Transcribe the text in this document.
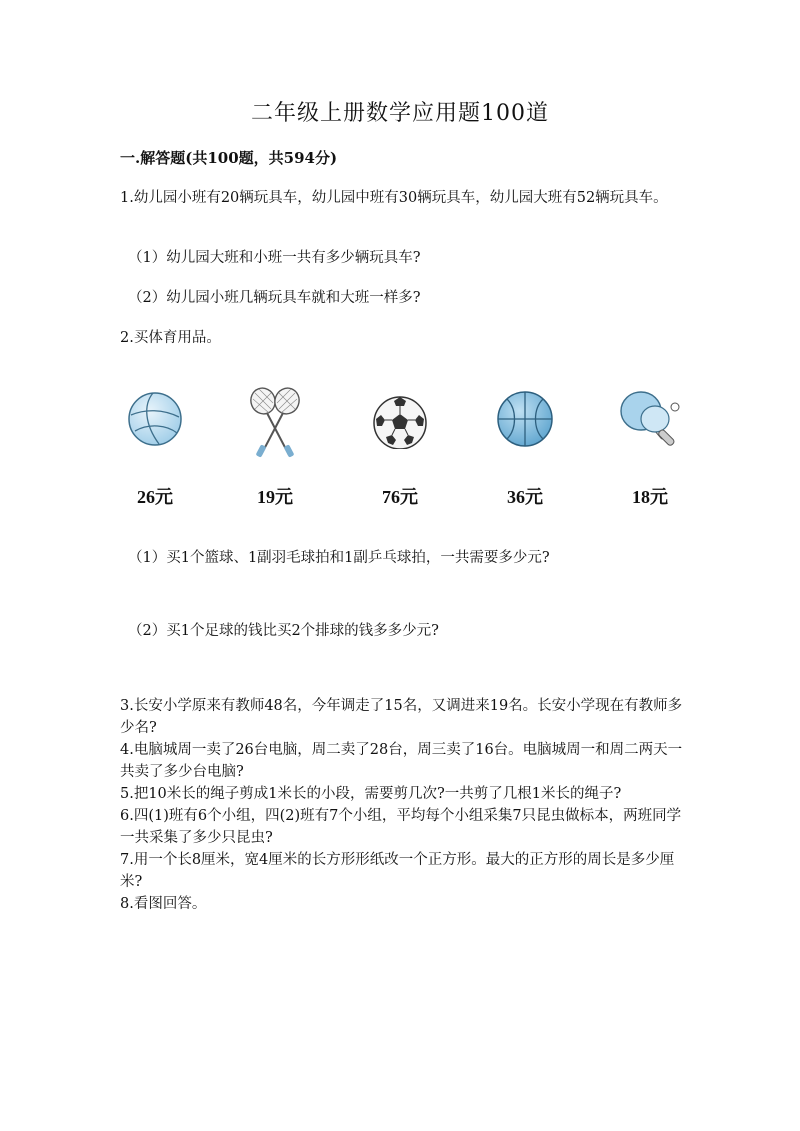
二年级上册数学应用题100道
一.解答题(共100题，共594分)
1.幼儿园小班有20辆玩具车，幼儿园中班有30辆玩具车，幼儿园大班有52辆玩具车。
（1）幼儿园大班和小班一共有多少辆玩具车?
（2）幼儿园小班几辆玩具车就和大班一样多?
2.买体育用品。
26元	19元	76元	36元	18元
（1）买1个篮球、1副羽毛球拍和1副乒乓球拍，一共需要多少元?
（2）买1个足球的钱比买2个排球的钱多多少元?
3.长安小学原来有教师48名，今年调走了15名，又调进来19名。长安小学现在有教师多少名?
4.电脑城周一卖了26台电脑，周二卖了28台，周三卖了16台。电脑城周一和周二两天一共卖了多少台电脑?
5.把10米长的绳子剪成1米长的小段，需要剪几次?一共剪了几根1米长的绳子?
6.四(1)班有6个小组，四(2)班有7个小组，平均每个小组采集7只昆虫做标本，两班同学一共采集了多少只昆虫?
7.用一个长8厘米，宽4厘米的长方形形纸改一个正方形。最大的正方形的周长是多少厘米?
8.看图回答。
